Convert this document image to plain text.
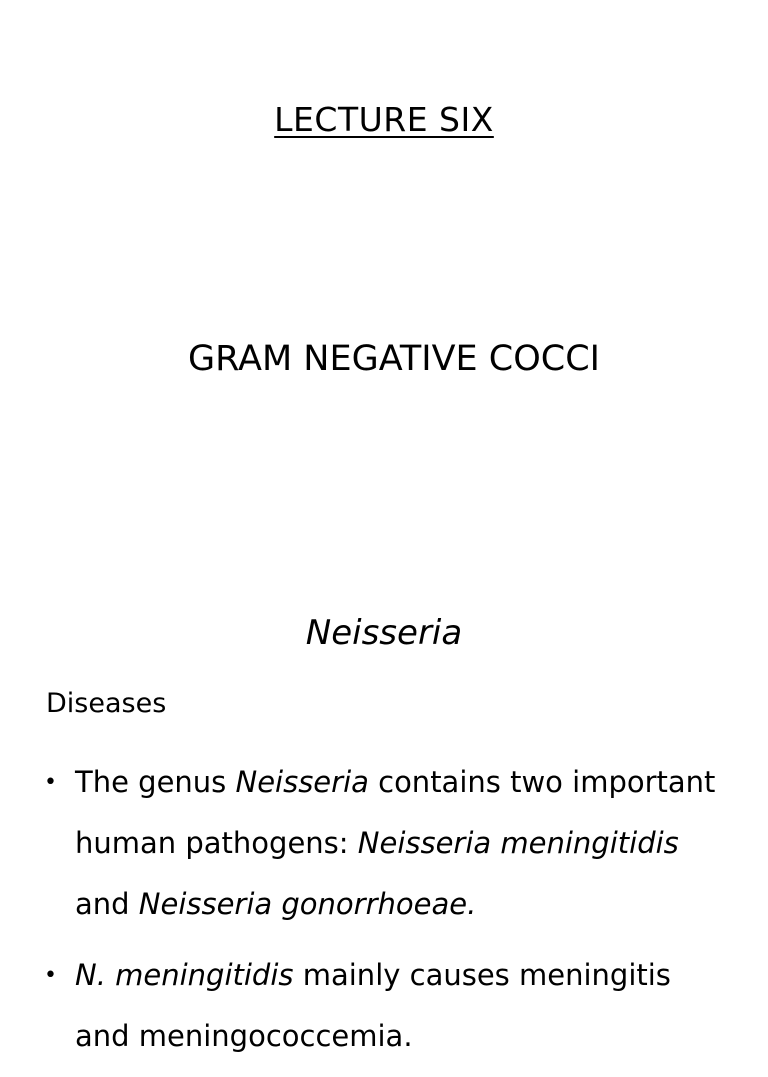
LECTURE SIX
GRAM NEGATIVE COCCI
Neisseria
Diseases
• The genus Neisseria contains two important human pathogens: Neisseria meningitidis and Neisseria gonorrhoeae.
• N. meningitidis mainly causes meningitis and meningococcemia.
